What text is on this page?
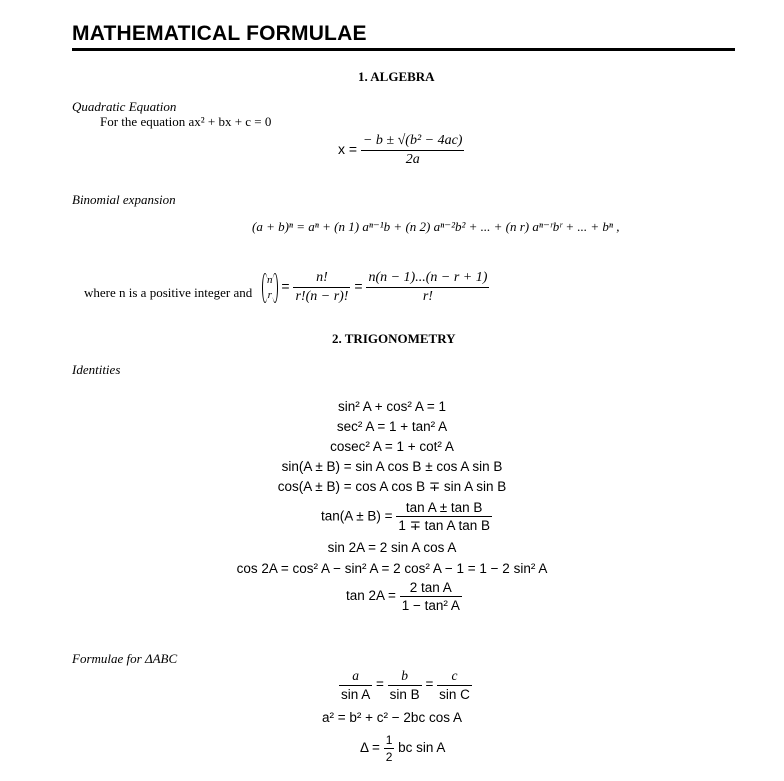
MATHEMATICAL FORMULAE
1. ALGEBRA
Quadratic Equation
For the equation ax² + bx + c = 0
$x = \frac{\text{− b ± √(b² − 4ac)}}{2a}$
Binomial expansion
(a + b)ⁿ = aⁿ + (n 1) aⁿ⁻¹b + (n 2) aⁿ⁻²b² + ... + (n r) aⁿ⁻ʳbʳ + ... + bⁿ ,
where n is a positive integer and
n
$r = \frac{n!}{r!(n - r)!} = \frac{n(n - 1)...(n - r + 1)}{r!}$
2. TRIGONOMETRY
Identities
sin² A + cos² A = 1
sec² A = 1 + tan² A
cosec² A = 1 + cot² A
sin(A ± B) = sin A cos B ± cos A sin B
cos(A ± B) = cos A cos B ∓ sin A sin B
$\tan(A \pm B) = \frac{\text{tan A ± tan B}}{\text{1 ∓ tan A tan B}}$
sin 2A = 2 sin A cos A
cos 2A = cos² A − sin² A = 2 cos² A − 1 = 1 − 2 sin² A
$\tan 2A = \frac{\text{2 tan A}}{\text{1 − tan² A}}$
Formulae for ΔABC
$\frac{a}{\text{sin A}} = \frac{b}{\text{sin B}} = \frac{c}{\text{sin C}}$
a² = b² + c² − 2bc cos A
$\Delta = \frac{1}{2}$ bc sin A
